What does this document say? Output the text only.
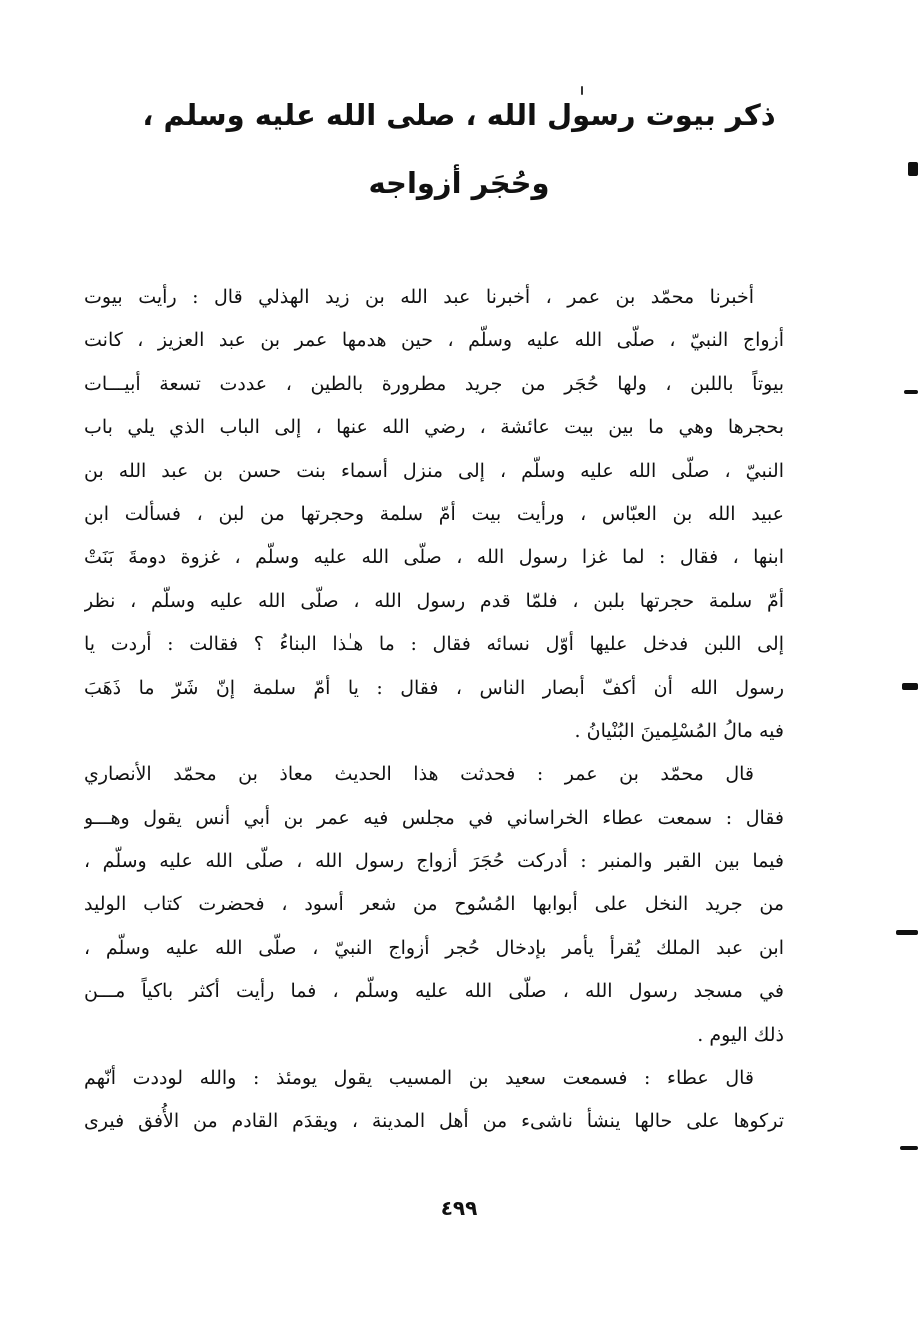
ذكر بيوت رسول الله ، صلى الله عليه وسلم ،
وحُجَر أزواجه
أخبرنا محمّد بن عمر ، أخبرنا عبد الله بن زيد الهذلي قال : رأيت بيوت
أزواج النبيّ ، صلّى الله عليه وسلّم ، حين هدمها عمر بن عبد العزيز ، كانت
بيوتاً باللبن ، ولها حُجَر من جريد مطرورة بالطين ، عددت تسعة أبيـــات
بحجرها وهي ما بين بيت عائشة ، رضي الله عنها ، إلى الباب الذي يلي باب
النبيّ ، صلّى الله عليه وسلّم ، إلى منزل أسماء بنت حسن بن عبد الله بن
عبيد الله بن العبّاس ، ورأيت بيت أمّ سلمة وحجرتها من لبن ، فسألت ابن
ابنها ، فقال : لما غزا رسول الله ، صلّى الله عليه وسلّم ، غزوة دومةَ بَنَتْ
أمّ سلمة حجرتها بلبن ، فلمّا قدم رسول الله ، صلّى الله عليه وسلّم ، نظر
إلى اللبن فدخل عليها أوّل نسائه فقال : ما هـٰذا البناءُ ؟ فقالت : أردت يا
رسول الله أن أكفّ أبصار الناس ، فقال : يا أمّ سلمة إنّ شَرّ ما ذَهَبَ
فيه مالُ المُسْلِمينَ البُنْيانُ .
قال محمّد بن عمر : فحدثت هذا الحديث معاذ بن محمّد الأنصاري
فقال : سمعت عطاء الخراساني في مجلس فيه عمر بن أبي أنس يقول وهـــو
فيما بين القبر والمنبر : أدركت حُجَرَ أزواج رسول الله ، صلّى الله عليه وسلّم ،
من جريد النخل على أبوابها المُسُوح من شعر أسود ، فحضرت كتاب الوليد
ابن عبد الملك يُقرأ يأمر بإدخال حُجر أزواج النبيّ ، صلّى الله عليه وسلّم ،
في مسجد رسول الله ، صلّى الله عليه وسلّم ، فما رأيت أكثر باكياً مـــن
ذلك اليوم .
قال عطاء : فسمعت سعيد بن المسيب يقول يومئذ : والله لوددت أنّهم
تركوها على حالها ينشأ ناشىء من أهل المدينة ، ويقدَم القادم من الأُفق فيرى
٤٩٩
